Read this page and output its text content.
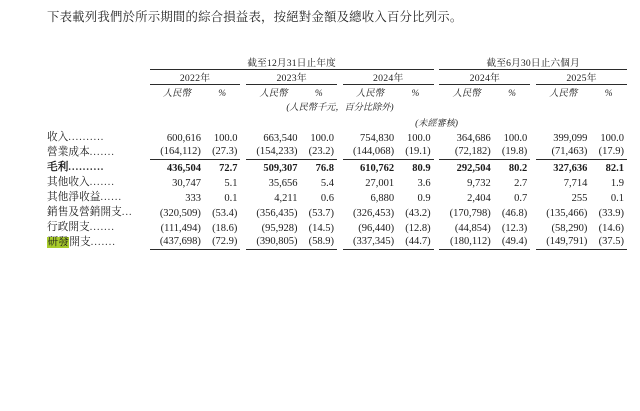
下表載列我們於所示期間的綜合損益表，按絕對金額及總收入百分比列示。
	截至12月31日止年度									截至6月30日止六個月				
	2022年			2023年			2024年			2024年			2025年	
	人民幣	%		人民幣	%		人民幣	%		人民幣	%		人民幣	%
				(人民幣千元，百分比除外)										
							(未經審核)							
收入..........	600,616	100.0		663,540	100.0		754,830	100.0		364,686	100.0		399,099	100.0
營業成本.......	(164,112)	(27.3)		(154,233)	(23.2)		(144,068)	(19.1)		(72,182)	(19.8)		(71,463)	(17.9)
毛利..........	436,504	72.7		509,307	76.8		610,762	80.9		292,504	80.2		327,636	82.1
其他收入.......	30,747	5.1		35,656	5.4		27,001	3.6		9,732	2.7		7,714	1.9
其他淨收益......	333	0.1		4,211	0.6		6,880	0.9		2,404	0.7		255	0.1
銷售及營銷開支...	(320,509)	(53.4)		(356,435)	(53.7)		(326,453)	(43.2)		(170,798)	(46.8)		(135,466)	(33.9)
行政開支.......	(111,494)	(18.6)		(95,928)	(14.5)		(96,440)	(12.8)		(44,854)	(12.3)		(58,290)	(14.6)
研發開支.......	(437,698)	(72.9)		(390,805)	(58.9)		(337,345)	(44.7)		(180,112)	(49.4)		(149,791)	(37.5)
